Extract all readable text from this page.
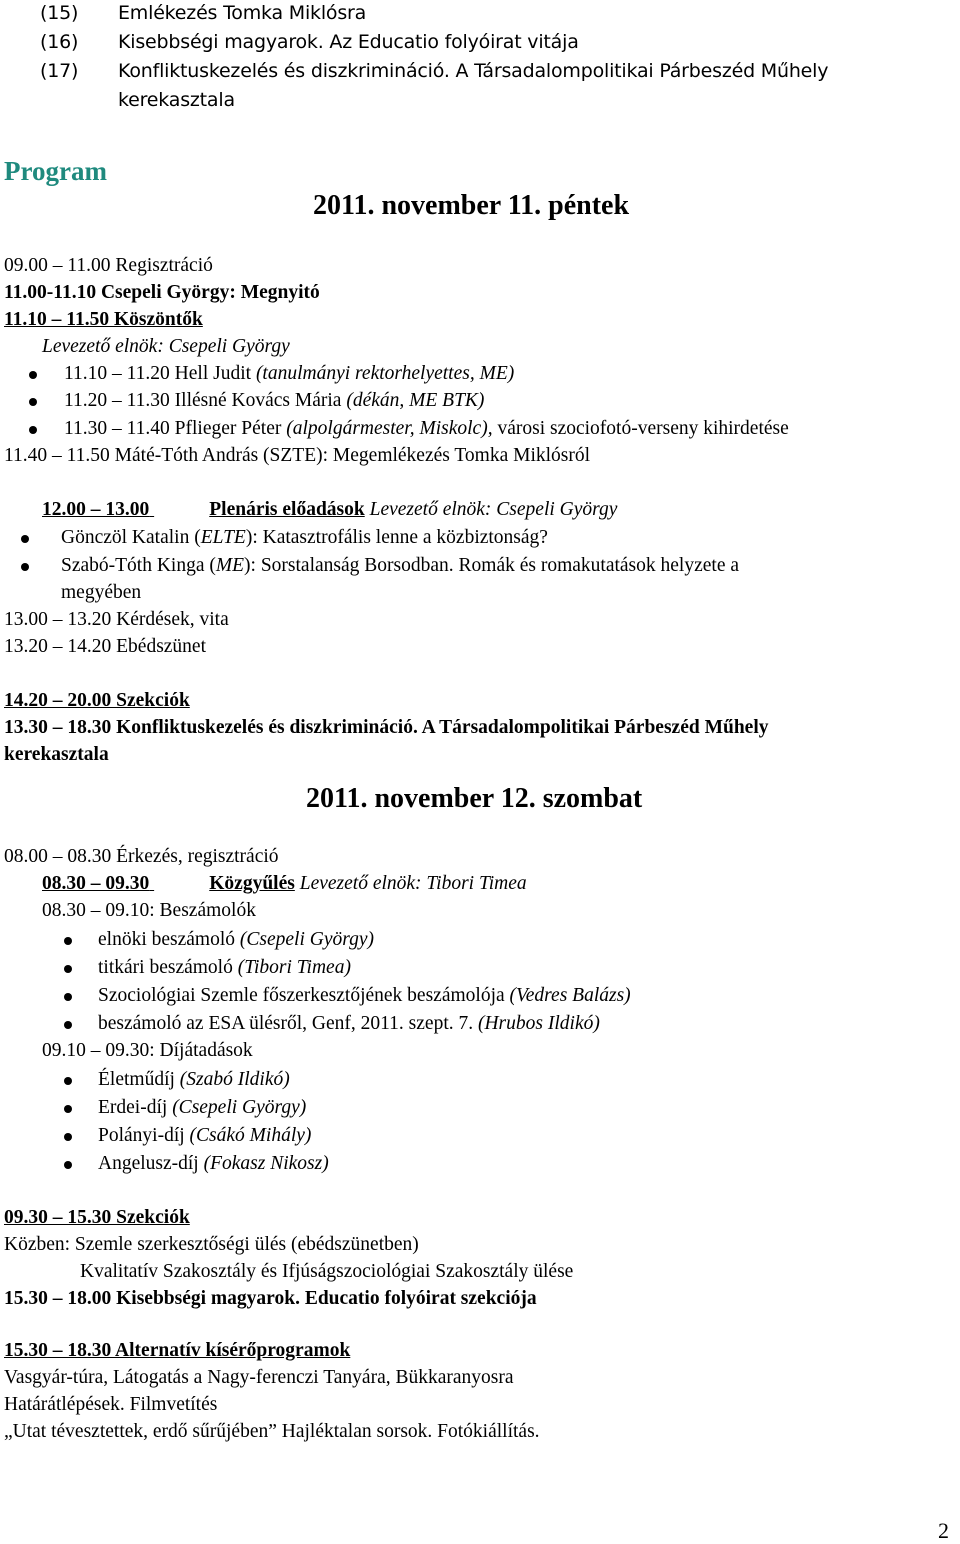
(15) Emlékezés Tomka Miklósra
(16) Kisebbségi magyarok. Az Educatio folyóirat vitája
(17) Konfliktuskezelés és diszkrimináció. A Társadalompolitikai Párbeszéd Műhely
kerekasztala
Program
2011. november 11. péntek
09.00 – 11.00 Regisztráció
11.00-11.10 Csepeli György: Megnyitó
11.10 – 11.50 Köszöntők
Levezető elnök: Csepeli György
11.10 – 11.20 Hell Judit (tanulmányi rektorhelyettes, ME)
11.20 – 11.30 Illésné Kovács Mária (dékán, ME BTK)
11.30 – 11.40 Pflieger Péter (alpolgármester, Miskolc), városi szociofotó-verseny kihirdetése
11.40 – 11.50 Máté-Tóth András (SZTE): Megemlékezés Tomka Miklósról
12.00 – 13.00	Plenáris előadások Levezető elnök: Csepeli György
Gönczöl Katalin (ELTE): Katasztrofális lenne a közbiztonság?
Szabó-Tóth Kinga (ME): Sorstalanság Borsodban. Romák és romakutatások helyzete a
megyében
13.00 – 13.20 Kérdések, vita
13.20 – 14.20 Ebédszünet
14.20 – 20.00 Szekciók
13.30 – 18.30 Konfliktuskezelés és diszkrimináció. A Társadalompolitikai Párbeszéd Műhely
kerekasztala
2011. november 12. szombat
08.00 – 08.30 Érkezés, regisztráció
08.30 – 09.30	Közgyűlés Levezető elnök: Tibori Timea
08.30 – 09.10: Beszámolók
elnöki beszámoló (Csepeli György)
titkári beszámoló (Tibori Timea)
Szociológiai Szemle főszerkesztőjének beszámolója (Vedres Balázs)
beszámoló az ESA ülésről, Genf, 2011. szept. 7. (Hrubos Ildikó)
09.10 – 09.30: Díjátadások
Életműdíj (Szabó Ildikó)
Erdei-díj (Csepeli György)
Polányi-díj (Csákó Mihály)
Angelusz-díj (Fokasz Nikosz)
09.30 – 15.30 Szekciók
Közben: Szemle szerkesztőségi ülés (ebédszünetben)
Kvalitatív Szakosztály és Ifjúságszociológiai Szakosztály ülése
15.30 – 18.00 Kisebbségi magyarok. Educatio folyóirat szekciója
15.30 – 18.30 Alternatív kísérőprogramok
Vasgyár-túra, Látogatás a Nagy-ferenczi Tanyára, Bükkaranyosra
Határátlépések. Filmvetítés
„Utat tévesztettek, erdő sűrűjében” Hajléktalan sorsok. Fotókiállítás.
2
